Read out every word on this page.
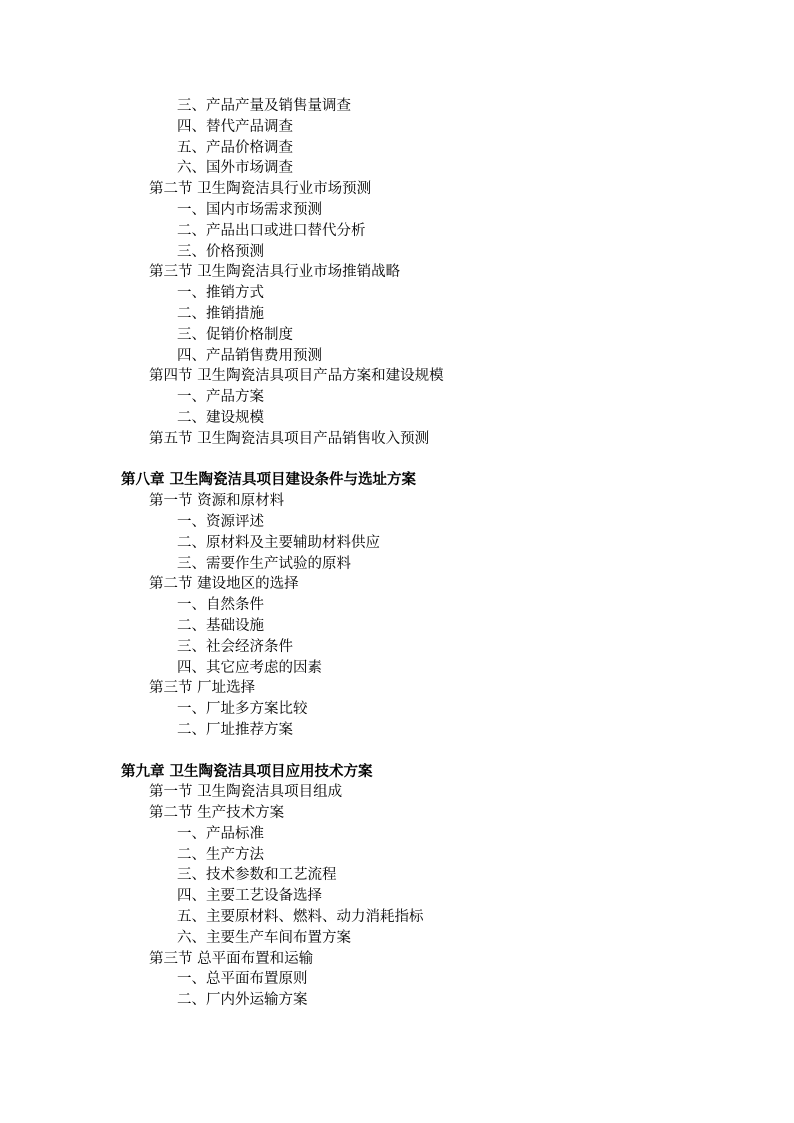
三、产品产量及销售量调查
四、替代产品调查
五、产品价格调查
六、国外市场调查
第二节 卫生陶瓷洁具行业市场预测
一、国内市场需求预测
二、产品出口或进口替代分析
三、价格预测
第三节 卫生陶瓷洁具行业市场推销战略
一、推销方式
二、推销措施
三、促销价格制度
四、产品销售费用预测
第四节 卫生陶瓷洁具项目产品方案和建设规模
一、产品方案
二、建设规模
第五节 卫生陶瓷洁具项目产品销售收入预测
第八章 卫生陶瓷洁具项目建设条件与选址方案
第一节 资源和原材料
一、资源评述
二、原材料及主要辅助材料供应
三、需要作生产试验的原料
第二节 建设地区的选择
一、自然条件
二、基础设施
三、社会经济条件
四、其它应考虑的因素
第三节 厂址选择
一、厂址多方案比较
二、厂址推荐方案
第九章 卫生陶瓷洁具项目应用技术方案
第一节 卫生陶瓷洁具项目组成
第二节 生产技术方案
一、产品标准
二、生产方法
三、技术参数和工艺流程
四、主要工艺设备选择
五、主要原材料、燃料、动力消耗指标
六、主要生产车间布置方案
第三节 总平面布置和运输
一、总平面布置原则
二、厂内外运输方案
